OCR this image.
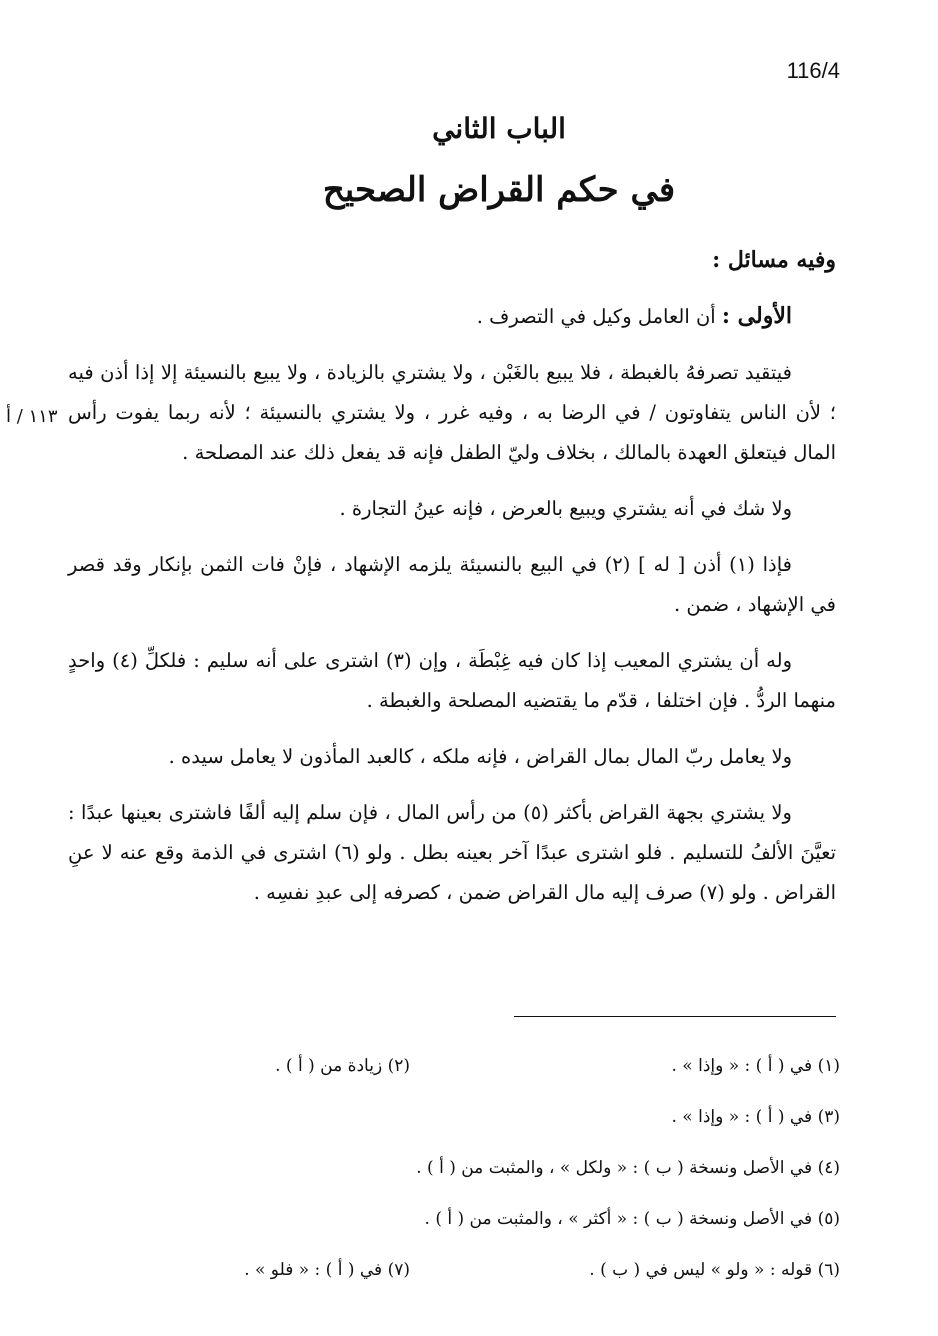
116/4
الباب الثاني
في حكم القراض الصحيح

وفيه مسائل :

الأولى : أن العامل وكيل في التصرف .

فيتقيد تصرفهُ بالغبطة ، فلا يبيع بالغَبْن ، ولا يشتري بالزيادة ، ولا يبيع بالنسيئة إلا إذا أذن فيه ؛ لأن الناس يتفاوتون / في الرضا به ، وفيه غرر ، ولا يشتري بالنسيئة ؛ لأنه ربما يفوت رأس المال فيتعلق العهدة بالمالك ، بخلاف وليّ الطفل فإنه قد يفعل ذلك عند المصلحة .

ولا شك في أنه يشتري ويبيع بالعرض ، فإنه عينُ التجارة .

فإذا (١) أذن [ له ] (٢) في البيع بالنسيئة يلزمه الإشهاد ، فإنْ فات الثمن بإنكار وقد قصر في الإشهاد ، ضمن .

وله أن يشتري المعيب إذا كان فيه غِبْطَة ، وإن (٣) اشترى على أنه سليم : فلكلِّ (٤) واحدٍ منهما الردُّ . فإن اختلفا ، قدّم ما يقتضيه المصلحة والغبطة .

ولا يعامل ربّ المال بمال القراض ، فإنه ملكه ، كالعبد المأذون لا يعامل سيده .

ولا يشتري بجهة القراض بأكثر (٥) من رأس المال ، فإن سلم إليه ألفًا فاشترى بعينها عبدًا : تعيَّنَ الألفُ للتسليم . فلو اشترى عبدًا آخر بعينه بطل . ولو (٦) اشترى في الذمة وقع عنه لا عنِ القراض . ولو (٧) صرف إليه مال القراض ضمن ، كصرفه إلى عبدِ نفسِه .

١١٣ / أ
(١) في ( أ ) : « وإذا » .
(٢) زيادة من ( أ ) .
(٣) في ( أ ) : « وإذا » .
(٤) في الأصل ونسخة ( ب ) : « ولكل » ، والمثبت من ( أ ) .
(٥) في الأصل ونسخة ( ب ) : « أكثر » ، والمثبت من ( أ ) .
(٦) قوله : « ولو » ليس في ( ب ) .
(٧) في ( أ ) : « فلو » .
